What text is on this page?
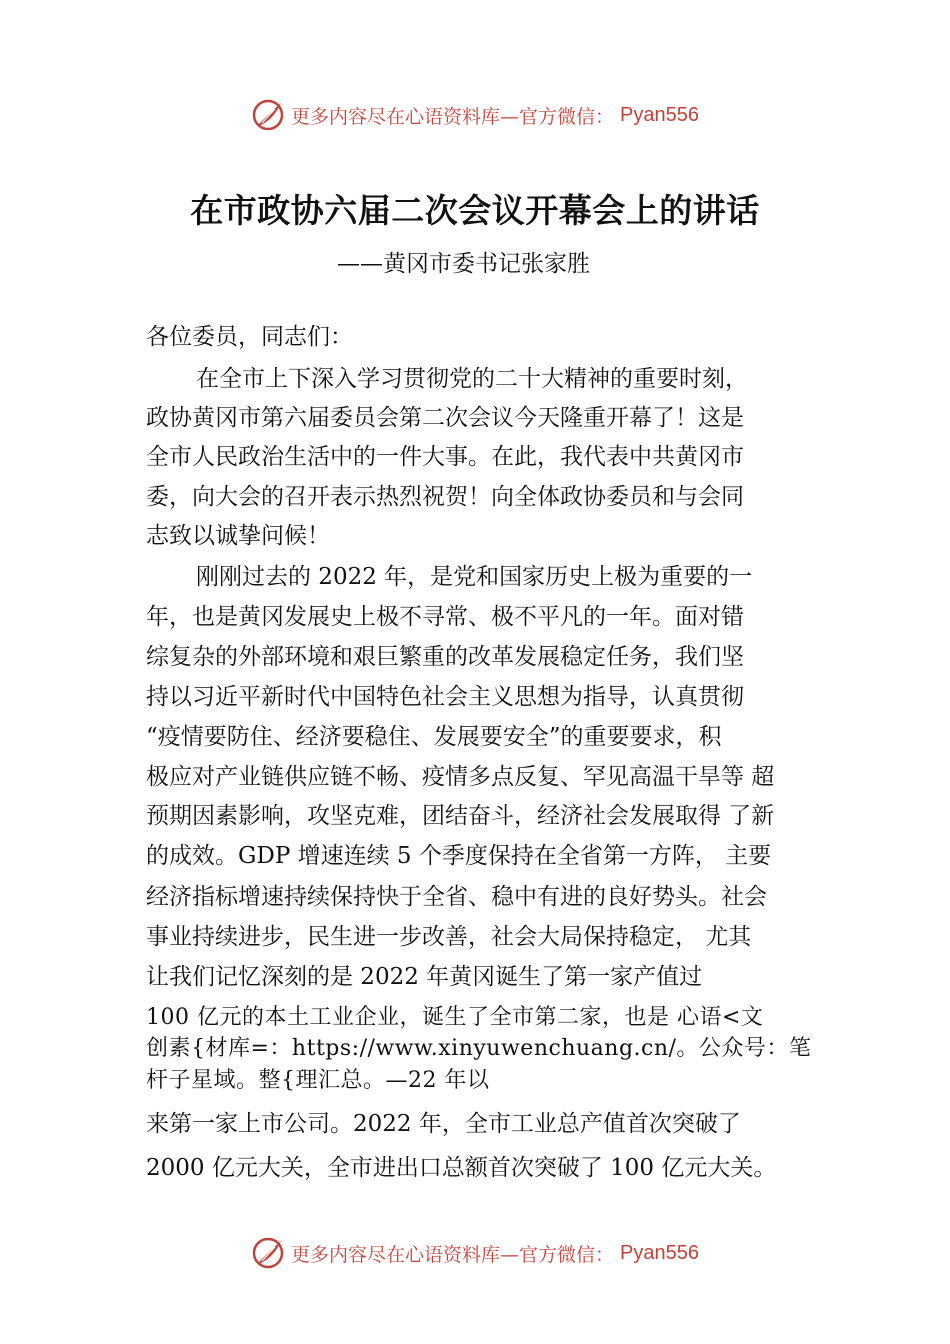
更多内容尽在心语资料库—官方微信： Pyan556
在市政协六届二次会议开幕会上的讲话

——黄冈市委书记张家胜

各位委员，同志们：

在全市上下深入学习贯彻党的二十大精神的重要时刻，

政协黄冈市第六届委员会第二次会议今天隆重开幕了！这是

全市人民政治生活中的一件大事。在此，我代表中共黄冈市

委，向大会的召开表示热烈祝贺！向全体政协委员和与会同

志致以诚挚问候！

刚刚过去的 2022 年，是党和国家历史上极为重要的一

年，也是黄冈发展史上极不寻常、极不平凡的一年。面对错

综复杂的外部环境和艰巨繁重的改革发展稳定任务，我们坚

持以习近平新时代中国特色社会主义思想为指导，认真贯彻

“疫情要防住、经济要稳住、发展要安全”的重要要求，积

极应对产业链供应链不畅、疫情多点反复、罕见高温干旱等 超

预期因素影响，攻坚克难，团结奋斗，经济社会发展取得 了新

的成效。GDP 增速连续 5 个季度保持在全省第一方阵， 主要

经济指标增速持续保持快于全省、稳中有进的良好势头。社会

事业持续进步，民生进一步改善，社会大局保持稳定， 尤其

让我们记忆深刻的是 2022 年黄冈诞生了第一家产值过

100 亿元的本土工业企业，诞生了全市第二家，也是 心语<文

创素{材库=：https://www.xinyuwenchuang.cn/。公众号：笔

杆子星域。整{理汇总。—22 年以

来第一家上市公司。2022 年，全市工业总产值首次突破了

2000 亿元大关，全市进出口总额首次突破了 100 亿元大关。

更多内容尽在心语资料库—官方微信： Pyan556
